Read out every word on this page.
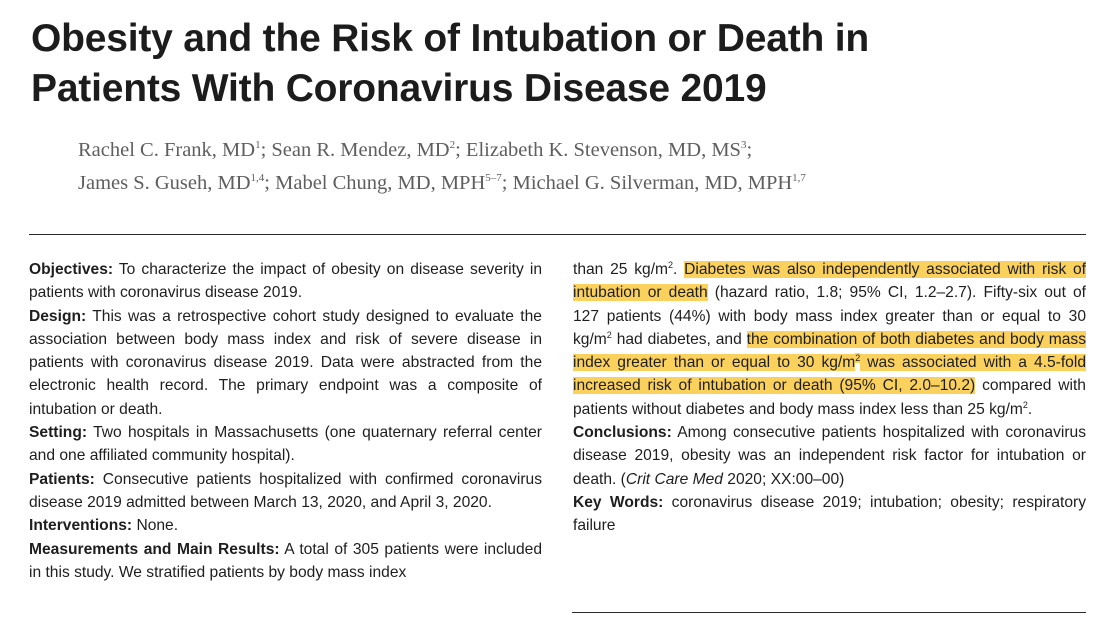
Obesity and the Risk of Intubation or Death in
Patients With Coronavirus Disease 2019
Rachel C. Frank, $MD^1$; Sean R. Mendez, $MD^2$; Elizabeth K. Stevenson, MD, $MS^3$;
James S. Guseh, MD$^{1,4}$; Mabel Chung, MD, MPH$^{5-7}$; Michael G. Silverman, MD, MPH$^{1,7}$

Objectives: To characterize the impact of obesity on disease severity in patients with coronavirus disease 2019.

Design: This was a retrospective cohort study designed to evaluate the association between body mass index and risk of severe disease in patients with coronavirus disease 2019. Data were abstracted from the electronic health record. The primary endpoint was a composite of intubation or death.

Setting: Two hospitals in Massachusetts (one quaternary referral center and one affiliated community hospital).

Patients: Consecutive patients hospitalized with confirmed coronavirus disease 2019 admitted between March 13, 2020, and April 3, 2020.

Interventions: None.

Measurements and Main Results: A total of 305 patients were included in this study. We stratified patients by body mass index

than 25 $kg/m^2$. Diabetes was also independently associated with risk of intubation or death (hazard ratio, 1.8; 95% CI, 1.2–2.7). Fifty-six out of 127 patients (44%) with body mass index greater than or equal to 30 $kg/m^2$ had diabetes, and the combination of both diabetes and body mass index greater than or equal to 30 $kg/m^2$ was associated with a 4.5-fold increased risk of intubation or death (95% CI, 2.0–10.2) compared with patients without diabetes and body mass index less than 25 $kg/m^2$.

Conclusions: Among consecutive patients hospitalized with coronavirus disease 2019, obesity was an independent risk factor for intubation or death. (Crit Care Med 2020; XX:00–00)

Key Words: coronavirus disease 2019; intubation; obesity; respiratory failure
